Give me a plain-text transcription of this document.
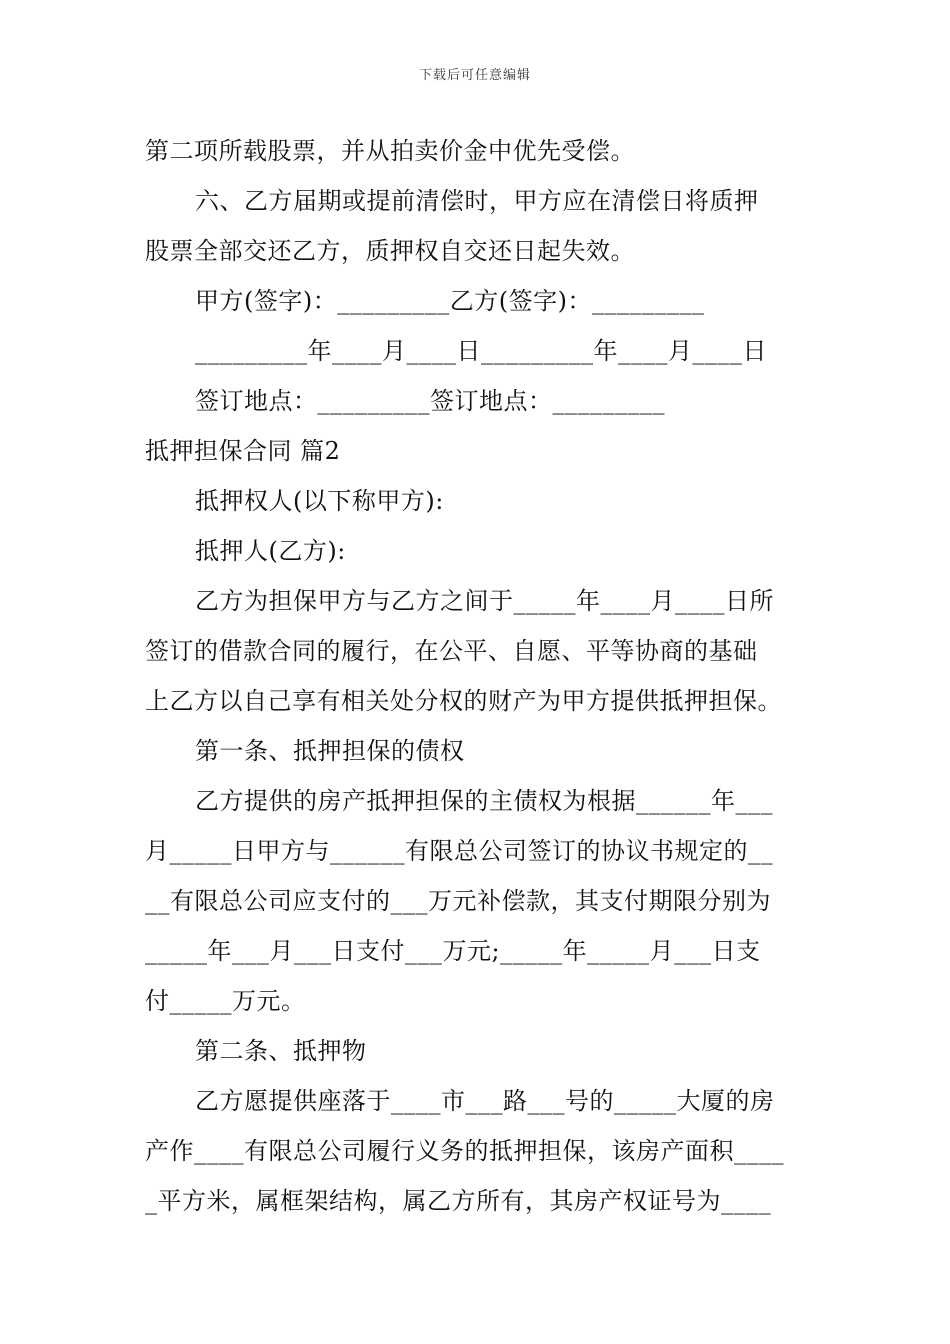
下载后可任意编辑

第二项所载股票，并从拍卖价金中优先受偿。

六、乙方届期或提前清偿时，甲方应在清偿日将质押

股票全部交还乙方，质押权自交还日起失效。

甲方(签字)：_________乙方(签字)：_________

_________年____月____日_________年____月____日

签订地点：_________签订地点：_________

抵押担保合同 篇2

抵押权人(以下称甲方):

抵押人(乙方):

乙方为担保甲方与乙方之间于_____年____月____日所

签订的借款合同的履行，在公平、自愿、平等协商的基础

上乙方以自己享有相关处分权的财产为甲方提供抵押担保。

第一条、抵押担保的债权

乙方提供的房产抵押担保的主债权为根据______年___

月_____日甲方与______有限总公司签订的协议书规定的__

__有限总公司应支付的___万元补偿款，其支付期限分别为

_____年___月___日支付___万元;_____年_____月___日支

付_____万元。

第二条、抵押物

乙方愿提供座落于____市___路___号的_____大厦的房

产作____有限总公司履行义务的抵押担保，该房产面积____

_平方米，属框架结构，属乙方所有，其房产权证号为____
